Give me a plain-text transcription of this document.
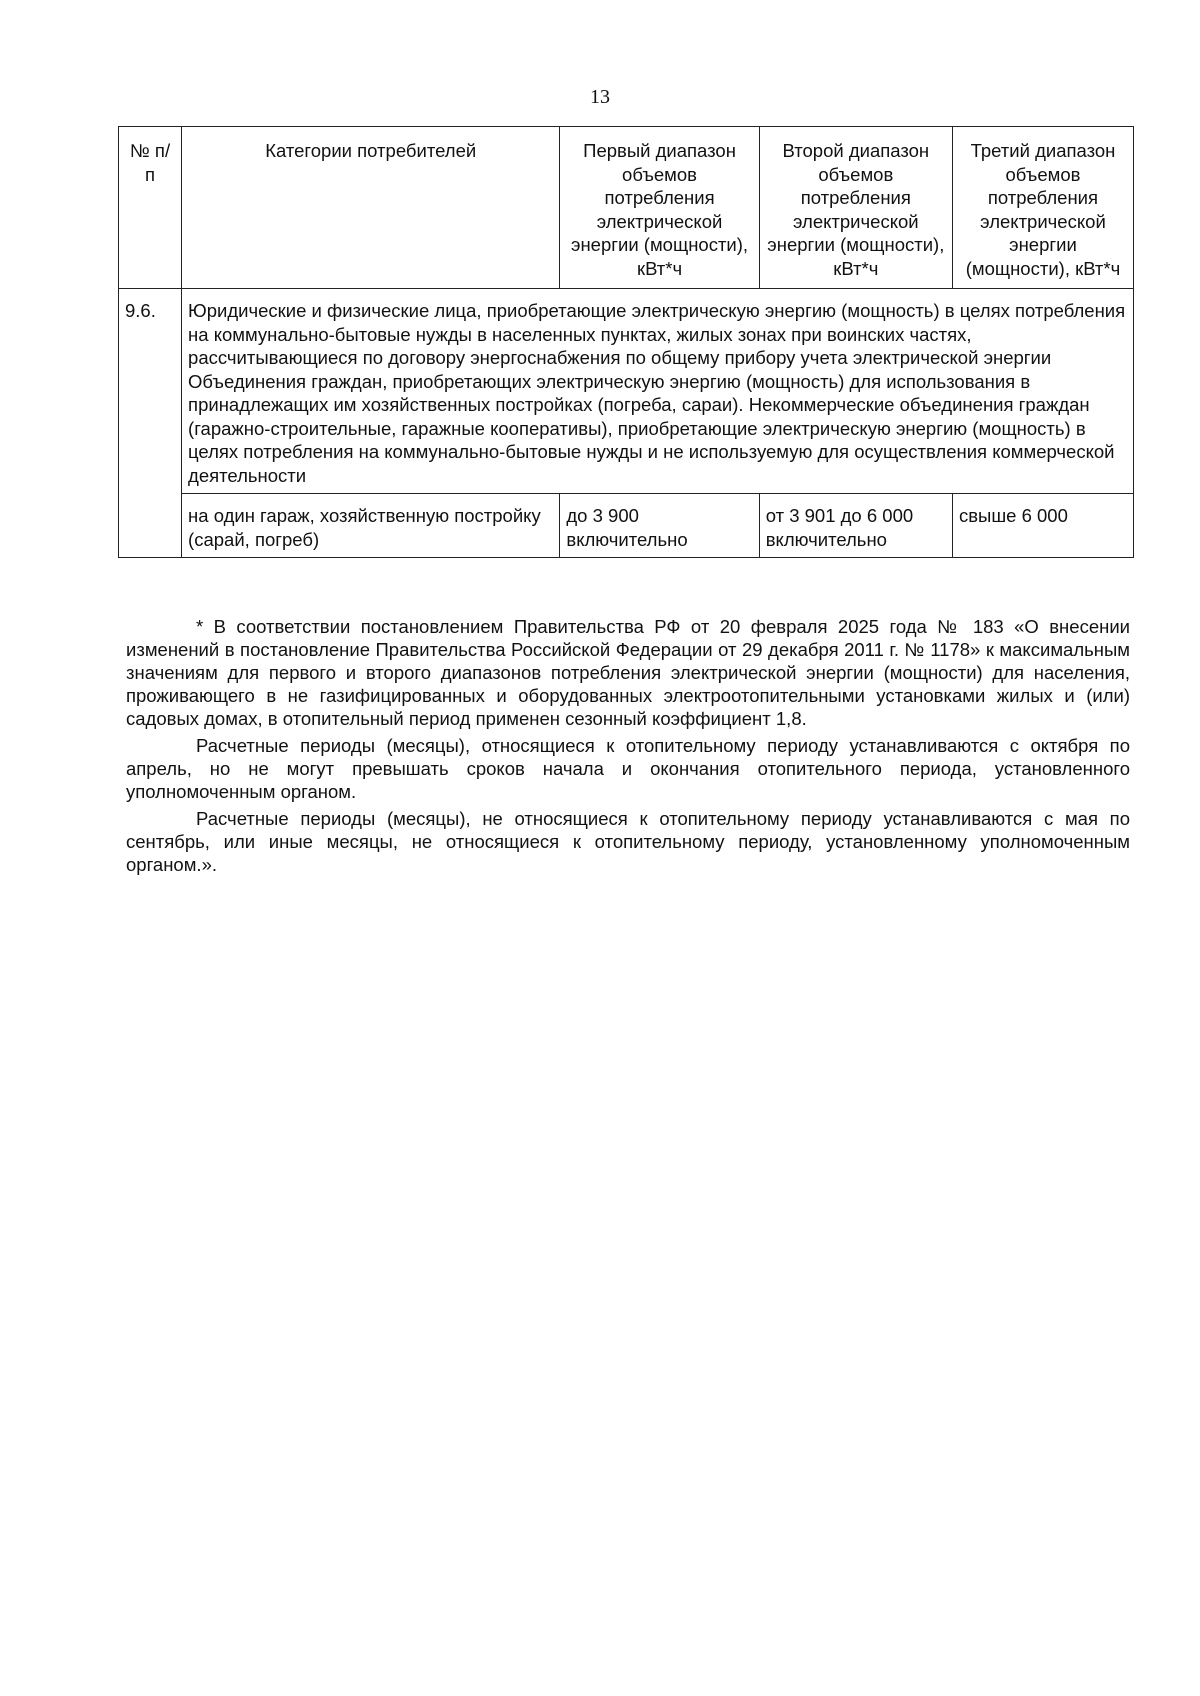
13
№ п/п	Категории потребителей	Первый диапазон объемов потребления электрической энергии (мощности), кВт*ч	Второй диапазон объемов потребления электрической энергии (мощности), кВт*ч	Третий диапазон объемов потребления электрической энергии (мощности), кВт*ч
9.6.	Юридические и физические лица, приобретающие электрическую энергию (мощность) в целях потребления на коммунально-бытовые нужды в населенных пунктах, жилых зонах при воинских частях, рассчитывающиеся по договору энергоснабжения по общему прибору учета электрической энергии Объединения граждан, приобретающих электрическую энергию (мощность) для использования в принадлежащих им хозяйственных постройках (погреба, сараи). Некоммерческие объединения граждан (гаражно-строительные, гаражные кооперативы), приобретающие электрическую энергию (мощность) в целях потребления на коммунально-бытовые нужды и не используемую для осуществления коммерческой деятельности			
	на один гараж, хозяйственную постройку (сарай, погреб)	до 3 900 включительно	от 3 901 до 6 000 включительно	свыше 6 000

* В соответствии постановлением Правительства РФ от 20 февраля 2025 года № 183 «О внесении изменений в постановление Правительства Российской Федерации от 29 декабря 2011 г. № 1178» к максимальным значениям для первого и второго диапазонов потребления электрической энергии (мощности) для населения, проживающего в не газифицированных и оборудованных электроотопительными установками жилых и (или) садовых домах, в отопительный период применен сезонный коэффициент 1,8.

Расчетные периоды (месяцы), относящиеся к отопительному периоду устанавливаются с октября по апрель, но не могут превышать сроков начала и окончания отопительного периода, установленного уполномоченным органом.

Расчетные периоды (месяцы), не относящиеся к отопительному периоду устанавливаются с мая по сентябрь, или иные месяцы, не относящиеся к отопительному периоду, установленному уполномоченным органом.».
